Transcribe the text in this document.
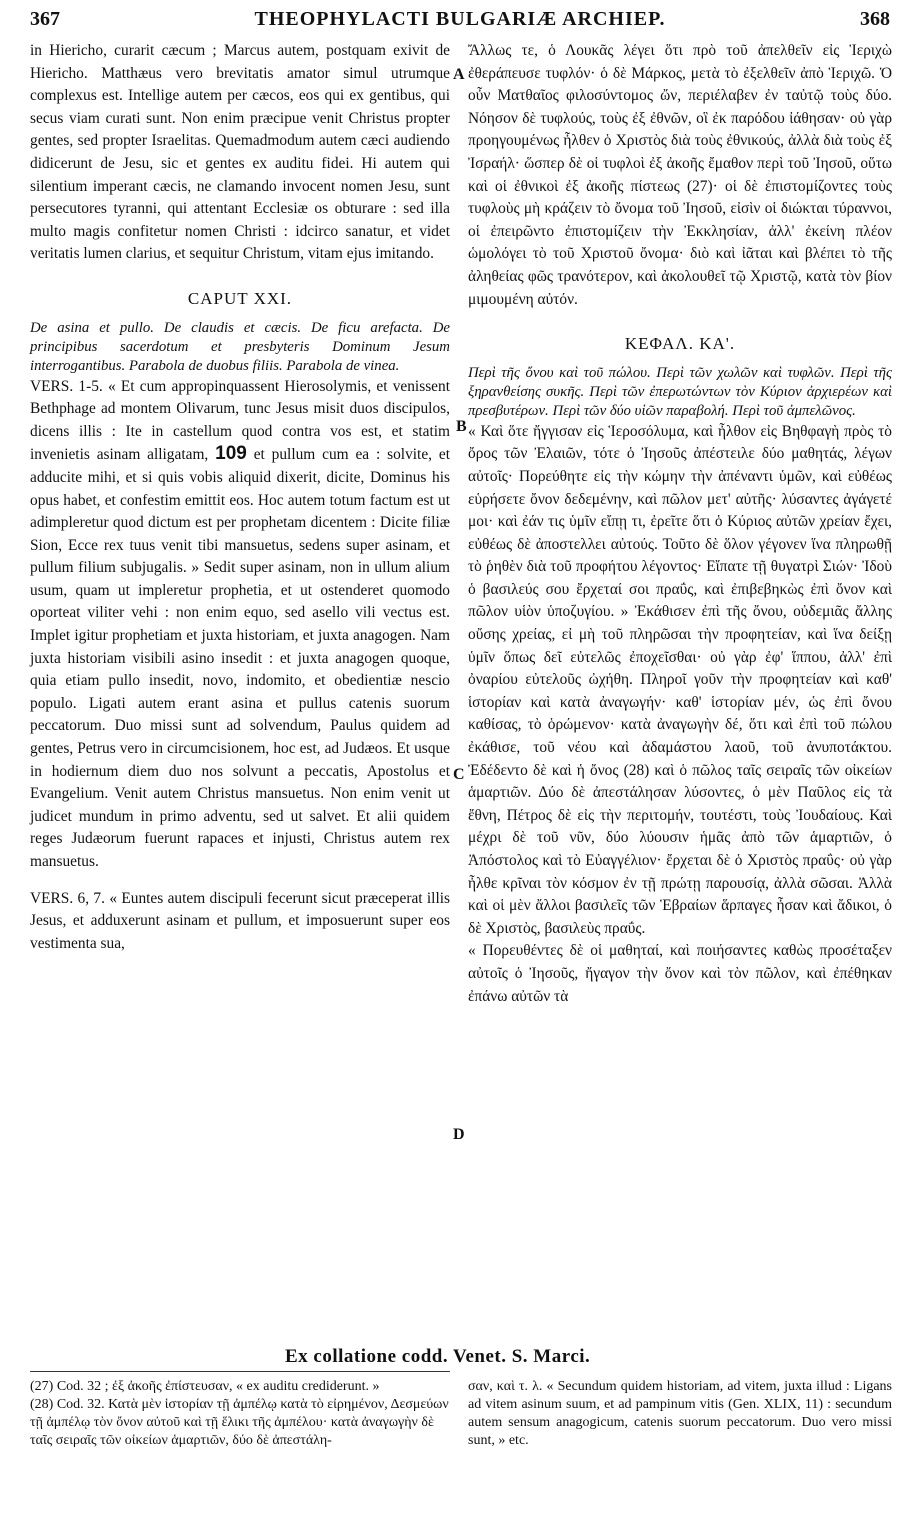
367	THEOPHYLACTI BULGARIÆ ARCHIEP.	368
A
B
C
D

in Hiericho, curarit cæcum ; Marcus autem, postquam exivit de Hiericho. Matthæus vero brevitatis amator simul utrumque complexus est. Intellige autem per cæcos, eos qui ex gentibus, qui secus viam curati sunt. Non enim præcipue venit Christus propter gentes, sed propter Israelitas. Quemadmodum autem cæci audiendo didicerunt de Jesu, sic et gentes ex auditu fidei. Hi autem qui silentium imperant cæcis, ne clamando invocent nomen Jesu, sunt persecutores tyranni, qui attentant Ecclesiæ os obturare : sed illa multo magis confitetur nomen Christi : idcirco sanatur, et videt veritatis lumen clarius, et sequitur Christum, vitam ejus imitando.

CAPUT XXI.

De asina et pullo. De claudis et cæcis. De ficu arefacta. De principibus sacerdotum et presbyteris Dominum Jesum interrogantibus. Parabola de duobus filiis. Parabola de vinea.

VERS. 1-5. « Et cum appropinquassent Hierosolymis, et venissent Bethphage ad montem Olivarum, tunc Jesus misit duos discipulos, dicens illis : Ite in castellum quod contra vos est, et statim invenietis asinam alligatam, 109 et pullum cum ea : solvite, et adducite mihi, et si quis vobis aliquid dixerit, dicite, Dominus his opus habet, et confestim emittit eos. Hoc autem totum factum est ut adimpleretur quod dictum est per prophetam dicentem : Dicite filiæ Sion, Ecce rex tuus venit tibi mansuetus, sedens super asinam, et pullum filium subjugalis. » Sedit super asinam, non in ullum alium usum, quam ut impleretur prophetia, et ut ostenderet quomodo oporteat viliter vehi : non enim equo, sed asello vili vectus est. Implet igitur prophetiam et juxta historiam, et juxta anagogen. Nam juxta historiam visibili asino insedit : et juxta anagogen quoque, quia etiam pullo insedit, novo, indomito, et obedientiæ nescio populo. Ligati autem erant asina et pullus catenis suorum peccatorum. Duo missi sunt ad solvendum, Paulus quidem ad gentes, Petrus vero in circumcisionem, hoc est, ad Judæos. Et usque in hodiernum diem duo nos solvunt a peccatis, Apostolus et Evangelium. Venit autem Christus mansuetus. Non enim venit ut judicet mundum in primo adventu, sed ut salvet. Et alii quidem reges Judæorum fuerunt rapaces et injusti, Christus autem rex mansuetus.

VERS. 6, 7. « Euntes autem discipuli fecerunt sicut præceperat illis Jesus, et adduxerunt asinam et pullum, et imposuerunt super eos vestimenta sua,

Ἄλλως τε, ὁ Λουκᾶς λέγει ὅτι πρὸ τοῦ ἀπελθεῖν εἰς Ἱεριχὼ ἐθεράπευσε τυφλόν· ὁ δὲ Μάρκος, μετὰ τὸ ἐξελθεῖν ἀπὸ Ἱεριχῶ. Ὁ οὖν Ματθαῖος φιλοσύντομος ὤν, περιέλαβεν ἐν ταὐτῷ τοὺς δύο. Νόησον δὲ τυφλούς, τοὺς ἐξ ἐθνῶν, οἳ ἐκ παρόδου ἰάθησαν· οὐ γὰρ προηγουμένως ἦλθεν ὁ Χριστὸς διὰ τοὺς ἐθνικούς, ἀλλὰ διὰ τοὺς ἐξ Ἰσραήλ· ὥσπερ δὲ οἱ τυφλοὶ ἐξ ἀκοῆς ἔμαθον περὶ τοῦ Ἰησοῦ, οὕτω καὶ οἱ ἐθνικοὶ ἐξ ἀκοῆς πίστεως (27)· οἱ δὲ ἐπιστομίζοντες τοὺς τυφλοὺς μὴ κράζειν τὸ ὄνομα τοῦ Ἰησοῦ, εἰσὶν οἱ διώκται τύραννοι, οἱ ἐπειρῶντο ἐπιστομίζειν τὴν Ἐκκλησίαν, ἀλλ' ἐκείνη πλέον ὡμολόγει τὸ τοῦ Χριστοῦ ὄνομα· διὸ καὶ ἰᾶται καὶ βλέπει τὸ τῆς ἀληθείας φῶς τρανότερον, καὶ ἀκολουθεῖ τῷ Χριστῷ, κατὰ τὸν βίον μιμουμένη αὐτόν.

ΚΕΦΑΛ. ΚΑ'.

Περὶ τῆς ὄνου καὶ τοῦ πώλου. Περὶ τῶν χωλῶν καὶ τυφλῶν. Περὶ τῆς ξηρανθείσης συκῆς. Περὶ τῶν ἐπερωτώντων τὸν Κύριον ἀρχιερέων καὶ πρεσβυτέρων. Περὶ τῶν δύο υἱῶν παραβολή. Περὶ τοῦ ἀμπελῶνος.

« Καὶ ὅτε ἤγγισαν εἰς Ἱεροσόλυμα, καὶ ἦλθον εἰς Βηθφαγὴ πρὸς τὸ ὄρος τῶν Ἐλαιῶν, τότε ὁ Ἰησοῦς ἀπέστειλε δύο μαθητάς, λέγων αὐτοῖς· Πορεύθητε εἰς τὴν κώμην τὴν ἀπέναντι ὑμῶν, καὶ εὐθέως εὑρήσετε ὄνον δεδεμένην, καὶ πῶλον μετ' αὐτῆς· λύσαντες ἀγάγετέ μοι· καὶ ἐάν τις ὑμῖν εἴπῃ τι, ἐρεῖτε ὅτι ὁ Κύριος αὐτῶν χρείαν ἔχει, εὐθέως δὲ ἀποστελλει αὐτούς. Τοῦτο δὲ ὅλον γέγονεν ἵνα πληρωθῇ τὸ ῥηθὲν διὰ τοῦ προφήτου λέγοντος· Εἴπατε τῇ θυγατρὶ Σιών· Ἰδοὺ ὁ βασιλεύς σου ἔρχεταί σοι πραΰς, καὶ ἐπιβεβηκὼς ἐπὶ ὄνον καὶ πῶλον υἱὸν ὑποζυγίου. » Ἐκάθισεν ἐπὶ τῆς ὄνου, οὐδεμιᾶς ἄλλης οὔσης χρείας, εἰ μὴ τοῦ πληρῶσαι τὴν προφητείαν, καὶ ἵνα δείξῃ ὑμῖν ὅπως δεῖ εὐτελῶς ἐποχεῖσθαι· οὐ γὰρ ἐφ' ἵππου, ἀλλ' ἐπὶ ὀναρίου εὐτελοῦς ὠχήθη. Πληροῖ γοῦν τὴν προφητείαν καὶ καθ' ἱστορίαν καὶ κατὰ ἀναγωγήν· καθ' ἱστορίαν μέν, ὡς ἐπὶ ὄνου καθίσας, τὸ ὁρώμενον· κατὰ ἀναγωγὴν δέ, ὅτι καὶ ἐπὶ τοῦ πώλου ἐκάθισε, τοῦ νέου καὶ ἀδαμάστου λαοῦ, τοῦ ἀνυποτάκτου. Ἐδέδεντο δὲ καὶ ἡ ὄνος (28) καὶ ὁ πῶλος ταῖς σειραῖς τῶν οἰκείων ἁμαρτιῶν. Δύο δὲ ἀπεστάλησαν λύσοντες, ὁ μὲν Παῦλος εἰς τὰ ἔθνη, Πέτρος δὲ εἰς τὴν περιτομήν, τουτέστι, τοὺς Ἰουδαίους. Καὶ μέχρι δὲ τοῦ νῦν, δύο λύουσιν ἡμᾶς ἀπὸ τῶν ἁμαρτιῶν, ὁ Ἀπόστολος καὶ τὸ Εὐαγγέλιον· ἔρχεται δὲ ὁ Χριστὸς πραΰς· οὐ γὰρ ἦλθε κρῖναι τὸν κόσμον ἐν τῇ πρώτῃ παρουσίᾳ, ἀλλὰ σῶσαι. Ἀλλὰ καὶ οἱ μὲν ἄλλοι βασιλεῖς τῶν Ἑβραίων ἅρπαγες ἦσαν καὶ ἄδικοι, ὁ δὲ Χριστὸς, βασιλεὺς πραΰς.

« Πορευθέντες δὲ οἱ μαθηταί, καὶ ποιήσαντες καθὼς προσέταξεν αὐτοῖς ὁ Ἰησοῦς, ἤγαγον τὴν ὄνον καὶ τὸν πῶλον, καὶ ἐπέθηκαν ἐπάνω αὐτῶν τὰ

Ex collatione codd. Venet. S. Marci.

(27) Cod. 32 ; ἐξ ἀκοῆς ἐπίστευσαν, « ex auditu crediderunt. »

(28) Cod. 32. Κατὰ μὲν ἱστορίαν τῇ ἀμπέλῳ κατὰ τὸ εἰρημένον, Δεσμεύων τῇ ἀμπέλῳ τὸν ὄνον αὐτοῦ καὶ τῇ ἕλικι τῆς ἀμπέλου· κατὰ ἀναγωγὴν δὲ ταῖς σειραῖς τῶν οἰκείων ἁμαρτιῶν, δύο δὲ ἀπεστάλη-

σαν, καὶ τ. λ. « Secundum quidem historiam, ad vitem, juxta illud : Ligans ad vitem asinum suum, et ad pampinum vitis (Gen. XLIX, 11) : secundum autem sensum anagogicum, catenis suorum peccatorum. Duo vero missi sunt, » etc.
